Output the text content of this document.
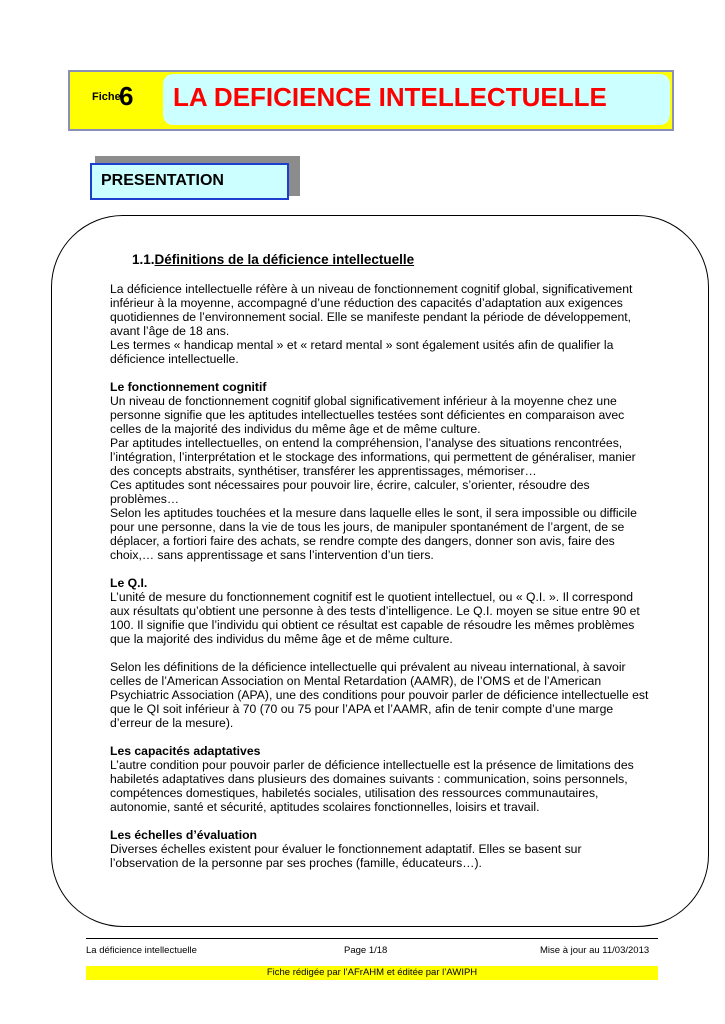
Fiche
6 LA DEFICIENCE INTELLECTUELLE
PRESENTATION
1.1.Définitions de la déficience intellectuelle

La déficience intellectuelle réfère à un niveau de fonctionnement cognitif global, significativement inférieur à la moyenne, accompagné d’une réduction des capacités d’adaptation aux exigences quotidiennes de l’environnement social. Elle se manifeste pendant la période de développement, avant l’âge de 18 ans.

Les termes « handicap mental » et « retard mental » sont également usités afin de qualifier la déficience intellectuelle.

Le fonctionnement cognitif

Un niveau de fonctionnement cognitif global significativement inférieur à la moyenne chez une personne signifie que les aptitudes intellectuelles testées sont déficientes en comparaison avec celles de la majorité des individus du même âge et de même culture.

Par aptitudes intellectuelles, on entend la compréhension, l’analyse des situations rencontrées, l’intégration, l’interprétation et le stockage des informations, qui permettent de généraliser, manier des concepts abstraits, synthétiser, transférer les apprentissages, mémoriser…

Ces aptitudes sont nécessaires pour pouvoir lire, écrire, calculer, s’orienter, résoudre des problèmes…

Selon les aptitudes touchées et la mesure dans laquelle elles le sont, il sera impossible ou difficile pour une personne, dans la vie de tous les jours, de manipuler spontanément de l’argent, de se déplacer, a fortiori faire des achats, se rendre compte des dangers, donner son avis, faire des choix,… sans apprentissage et sans l’intervention d’un tiers.

Le Q.I.

L’unité de mesure du fonctionnement cognitif est le quotient intellectuel, ou « Q.I. ». Il correspond aux résultats qu’obtient une personne à des tests d’intelligence. Le Q.I. moyen se situe entre 90 et 100. Il signifie que l’individu qui obtient ce résultat est capable de résoudre les mêmes problèmes que la majorité des individus du même âge et de même culture.

Selon les définitions de la déficience intellectuelle qui prévalent au niveau international, à savoir celles de l’American Association on Mental Retardation (AAMR), de l’OMS et de l’American Psychiatric Association (APA), une des conditions pour pouvoir parler de déficience intellectuelle est que le QI soit inférieur à 70 (70 ou 75 pour l’APA et l’AAMR, afin de tenir compte d’une marge d’erreur de la mesure).

Les capacités adaptatives

L’autre condition pour pouvoir parler de déficience intellectuelle est la présence de limitations des habiletés adaptatives dans plusieurs des domaines suivants : communication, soins personnels, compétences domestiques, habiletés sociales, utilisation des ressources communautaires, autonomie, santé et sécurité, aptitudes scolaires fonctionnelles, loisirs et travail.

Les échelles d’évaluation

Diverses échelles existent pour évaluer le fonctionnement adaptatif. Elles se basent sur l’observation de la personne par ses proches (famille, éducateurs…).

La déficience intellectuelle	Page 1/18	Mise à jour au 11/03/2013
Fiche rédigée par l’AFrAHM et éditée par l’AWIPH
